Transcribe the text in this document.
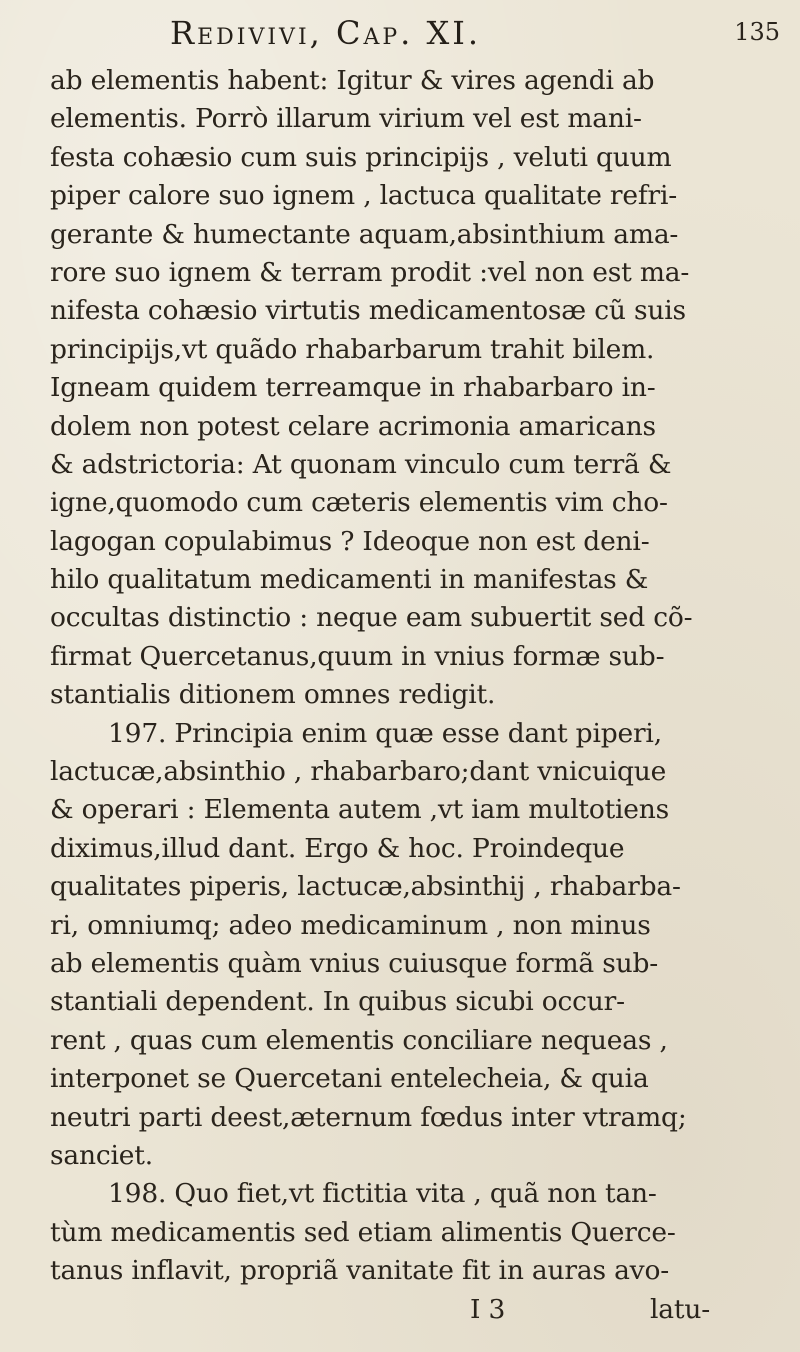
Redivivi, Cap. XI.	135
ab elementis habent: Igitur & vires agendi ab
elementis. Porrò illarum virium vel est mani-
festa cohæsio cum suis principijs , veluti quum
piper calore suo ignem , lactuca qualitate refri-
gerante & humectante aquam,absinthium ama-
rore suo ignem & terram prodit :vel non est ma-
nifesta cohæsio virtutis medicamentosæ cũ suis
principijs,vt quãdo rhabarbarum trahit bilem.
Igneam quidem terreamque in rhabarbaro in-
dolem non potest celare acrimonia amaricans
& adstrictoria: At quonam vinculo cum terrã &
igne,quomodo cum cæteris elementis vim cho-
lagogan copulabimus ? Ideoque non est deni-
hilo qualitatum medicamenti in manifestas &
occultas distinctio : neque eam subuertit sed cõ-
firmat Quercetanus,quum in vnius formæ sub-
stantialis ditionem omnes redigit.
197. Principia enim quæ esse dant piperi,
lactucæ,absinthio , rhabarbaro;dant vnicuique
& operari : Elementa autem ,vt iam multotiens
diximus,illud dant. Ergo & hoc. Proindeque
qualitates piperis, lactucæ,absinthij , rhabarba-
ri, omniumq; adeo medicaminum , non minus
ab elementis quàm vnius cuiusque formã sub-
stantiali dependent. In quibus sicubi occur-
rent , quas cum elementis conciliare nequeas ,
interponet se Quercetani entelecheia, & quia
neutri parti deest,æternum fœdus inter vtramq;
sanciet.
198. Quo fiet,vt fictitia vita , quã non tan-
tùm medicamentis sed etiam alimentis Querce-
tanus inflavit, propriã vanitate fit in auras avo-
I 3	latu-
